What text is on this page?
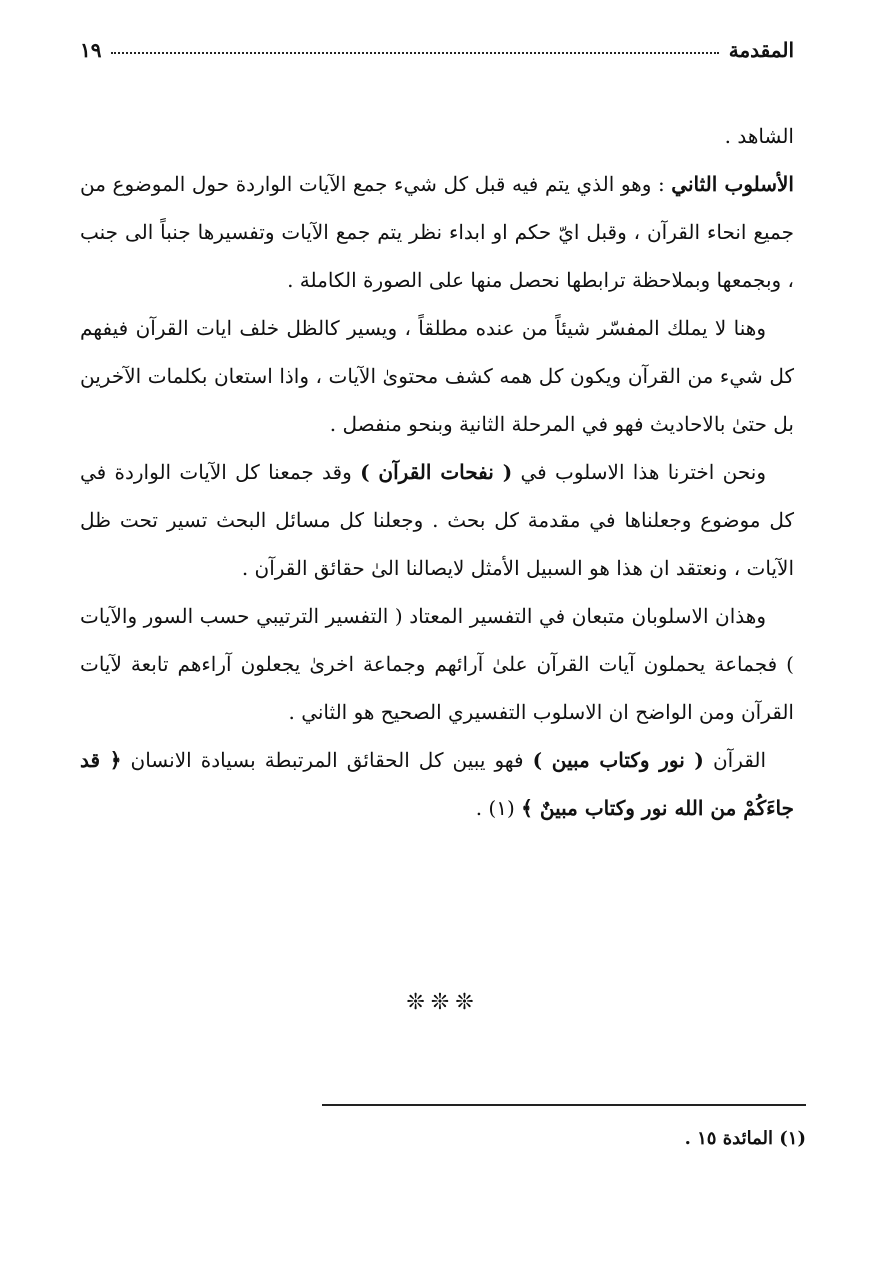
المقدمة
١٩

الشاهد .

الأسلوب الثاني : وهو الذي يتم فيه قبل كل شيء جمع الآيات الواردة حول الموضوع من جميع انحاء القرآن ، وقبل ايّ حكم او ابداء نظر يتم جمع الآيات وتفسيرها جنباً الى جنب ، وبجمعها وبملاحظة ترابطها نحصل منها على الصورة الكاملة .

وهنا لا يملك المفسّر شيئاً من عنده مطلقاً ، ويسير كالظل خلف ايات القرآن فيفهم كل شيء من القرآن ويكون كل همه كشف محتوىٰ الآيات ، واذا استعان بكلمات الآخرين بل حتىٰ بالاحاديث فهو في المرحلة الثانية وبنحو منفصل .

ونحن اخترنا هذا الاسلوب في ( نفحات القرآن ) وقد جمعنا كل الآيات الواردة في كل موضوع وجعلناها في مقدمة كل بحث . وجعلنا كل مسائل البحث تسير تحت ظل الآيات ، ونعتقد ان هذا هو السبيل الأمثل لايصالنا الىٰ حقائق القرآن .

وهذان الاسلوبان متبعان في التفسير المعتاد ( التفسير الترتيبي حسب السور والآيات ) فجماعة يحملون آيات القرآن علىٰ آرائهم وجماعة اخرىٰ يجعلون آراءهم تابعة لآيات القرآن ومن الواضح ان الاسلوب التفسيري الصحيح هو الثاني .

القرآن ( نور وكتاب مبين ) فهو يبين كل الحقائق المرتبطة بسيادة الانسان ﴿ قد جاءَكُمْ من الله نور وكتاب مبينٌ ﴾ (١) .

❊❊❊
(١) المائدة ١٥ .
